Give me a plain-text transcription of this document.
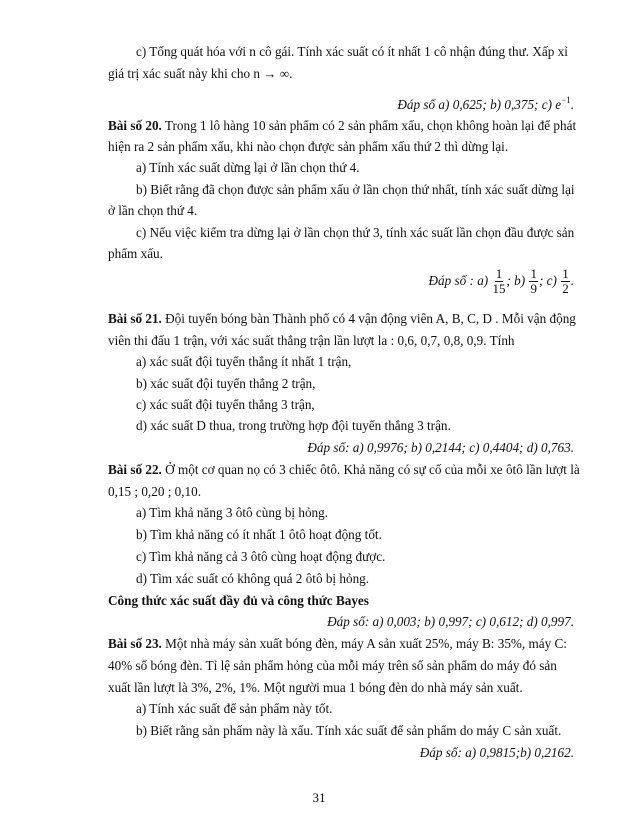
c) Tổng quát hóa với n cô gái. Tính xác suất có ít nhất 1 cô nhận đúng thư. Xấp xỉ
giá trị xác suất này khi cho n → ∞.
Đáp số a) 0,625; b) 0,375; c) $e^{-1}$.
Bài số 20. Trong 1 lô hàng 10 sản phẩm có 2 sản phẩm xấu, chọn không hoàn lại để phát
hiện ra 2 sản phẩm xấu, khi nào chọn được sản phẩm xấu thứ 2 thì dừng lại.
a) Tính xác suất dừng lại ở lần chọn thứ 4.
b) Biết rằng đã chọn được sản phẩm xấu ở lần chọn thứ nhất, tính xác suất dừng lại
ở lần chọn thứ 4.
c) Nếu việc kiểm tra dừng lại ở lần chọn thứ 3, tính xác suất lần chọn đầu được sản
phẩm xấu.
Đáp số : $a) \frac{1}{15}$ ; $b) \frac{1}{9}$ ; $c) \frac{1}{2}$ .
Bài số 21. Đội tuyển bóng bàn Thành phố có 4 vận động viên A, B, C, D . Mỗi vận động
viên thi đấu 1 trận, với xác suất thắng trận lần lượt la : 0,6, 0,7, 0,8, 0,9. Tính
a) xác suất đội tuyển thắng ít nhất 1 trận,
b) xác suất đội tuyển thắng 2 trận,
c) xác suất đội tuyển thắng 3 trận,
d) xác suất D thua, trong trường hợp đội tuyển thắng 3 trận.
Đáp số: a) 0,9976; b) 0,2144; c) 0,4404; d) 0,763.
Bài số 22. Ở một cơ quan nọ có 3 chiếc ôtô. Khả năng có sự cố của mỗi xe ôtô lần lượt là
0,15 ; 0,20 ; 0,10.
a) Tìm khả năng 3 ôtô cùng bị hỏng.
b) Tìm khả năng có ít nhất 1 ôtô hoạt động tốt.
c) Tìm khả năng cả 3 ôtô cùng hoạt động được.
d) Tìm xác suất có không quá 2 ôtô bị hỏng.
Công thức xác suất đầy đủ và công thức Bayes
Đáp số: a) 0,003; b) 0,997; c) 0,612; d) 0,997.
Bài số 23. Một nhà máy sản xuất bóng đèn, máy A sản xuất 25%, máy B: 35%, máy C:
40% số bóng đèn. Tỉ lệ sản phẩm hỏng của mỗi máy trên số sản phẩm do máy đó sản
xuất lần lượt là 3%, 2%, 1%. Một người mua 1 bóng đèn do nhà máy sản xuất.
a) Tính xác suất để sản phẩm này tốt.
b) Biết rằng sản phẩm này là xấu. Tính xác suất để sản phẩm do máy C sản xuất.
Đáp số: a) 0,9815;b) 0,2162.
31
